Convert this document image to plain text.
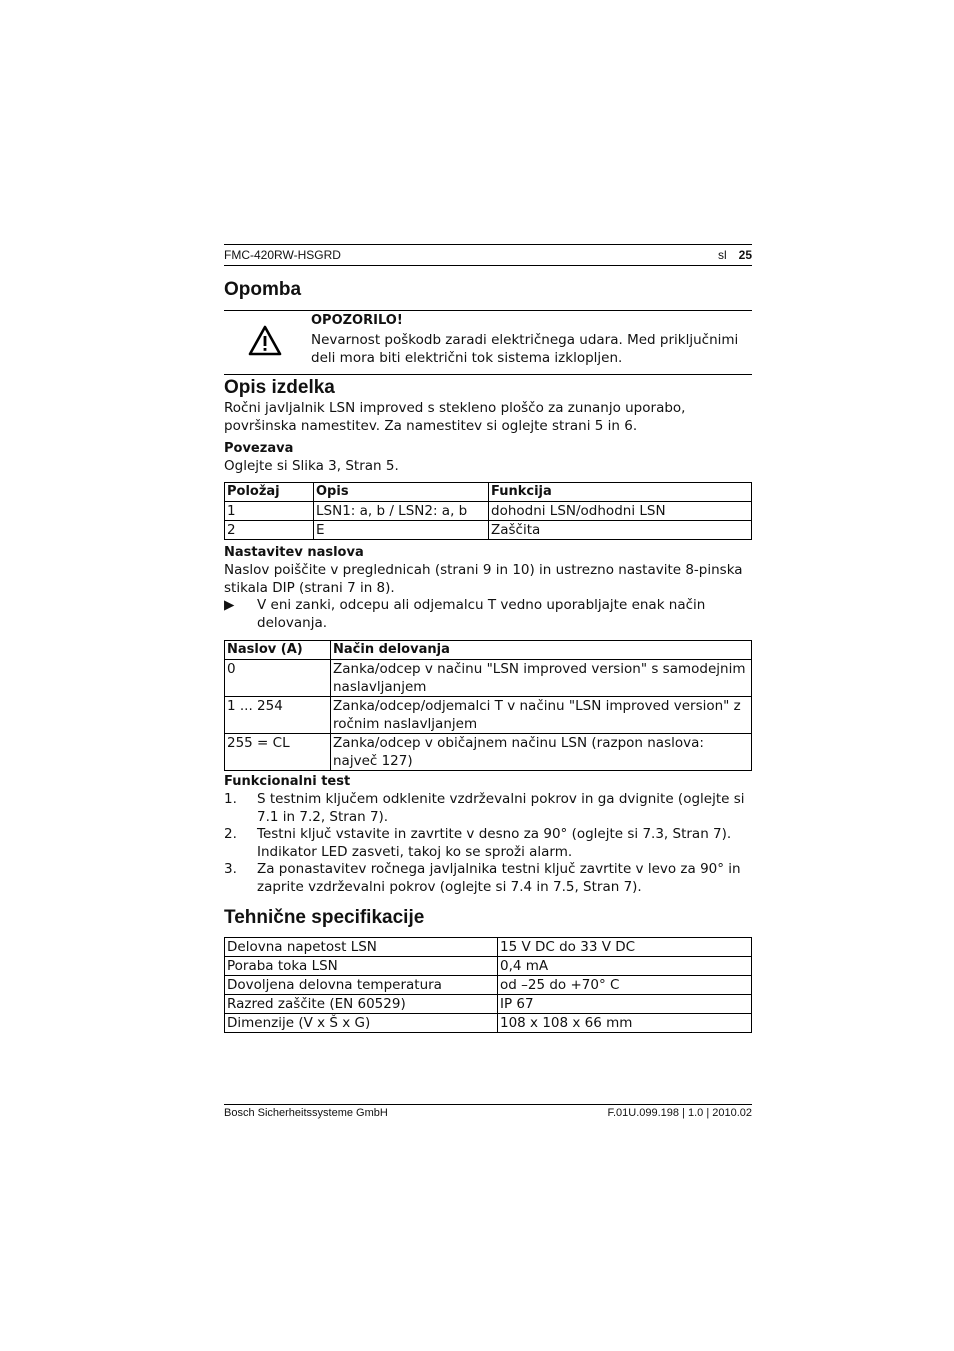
FMC-420RW-HSGRD	sl 25
Opomba
OPOZORILO!
Nevarnost poškodb zaradi električnega udara. Med priključnimi deli mora biti električni tok sistema izklopljen.
Opis izdelka

Ročni javljalnik LSN improved s stekleno ploščo za zunanjo uporabo, površinska namestitev. Za namestitev si oglejte strani 5 in 6.

Povezava

Oglejte si Slika 3, Stran 5.

Položaj	Opis	Funkcija
1	LSN1: a, b / LSN2: a, b	dohodni LSN/odhodni LSN
2	E	Zaščita
Nastavitev naslova

Naslov poiščite v preglednicah (strani 9 in 10) in ustrezno nastavite 8-pinska stikala DIP (strani 7 in 8).

▶ V eni zanki, odcepu ali odjemalcu T vedno uporabljajte enak način delovanja.
Naslov (A)	Način delovanja
0	Zanka/odcep v načinu "LSN improved version" s samodejnim naslavljanjem
1 ... 254	Zanka/odcep/odjemalci T v načinu "LSN improved version" z ročnim naslavljanjem
255 = CL	Zanka/odcep v običajnem načinu LSN (razpon naslova: največ 127)
Funkcionalni test
1. S testnim ključem odklenite vzdrževalni pokrov in ga dvignite (oglejte si 7.1 in 7.2, Stran 7).
2. Testni ključ vstavite in zavrtite v desno za 90° (oglejte si 7.3, Stran 7). Indikator LED zasveti, takoj ko se sproži alarm.
3. Za ponastavitev ročnega javljalnika testni ključ zavrtite v levo za 90° in zaprite vzdrževalni pokrov (oglejte si 7.4 in 7.5, Stran 7).
Tehnične specifikacije
Delovna napetost LSN	15 V DC do 33 V DC
Poraba toka LSN	0,4 mA
Dovoljena delovna temperatura	od –25 do +70° C
Razred zaščite (EN 60529)	IP 67
Dimenzije (V x Š x G)	108 x 108 x 66 mm
Bosch Sicherheitssysteme GmbH	F.01U.099.198 | 1.0 | 2010.02
